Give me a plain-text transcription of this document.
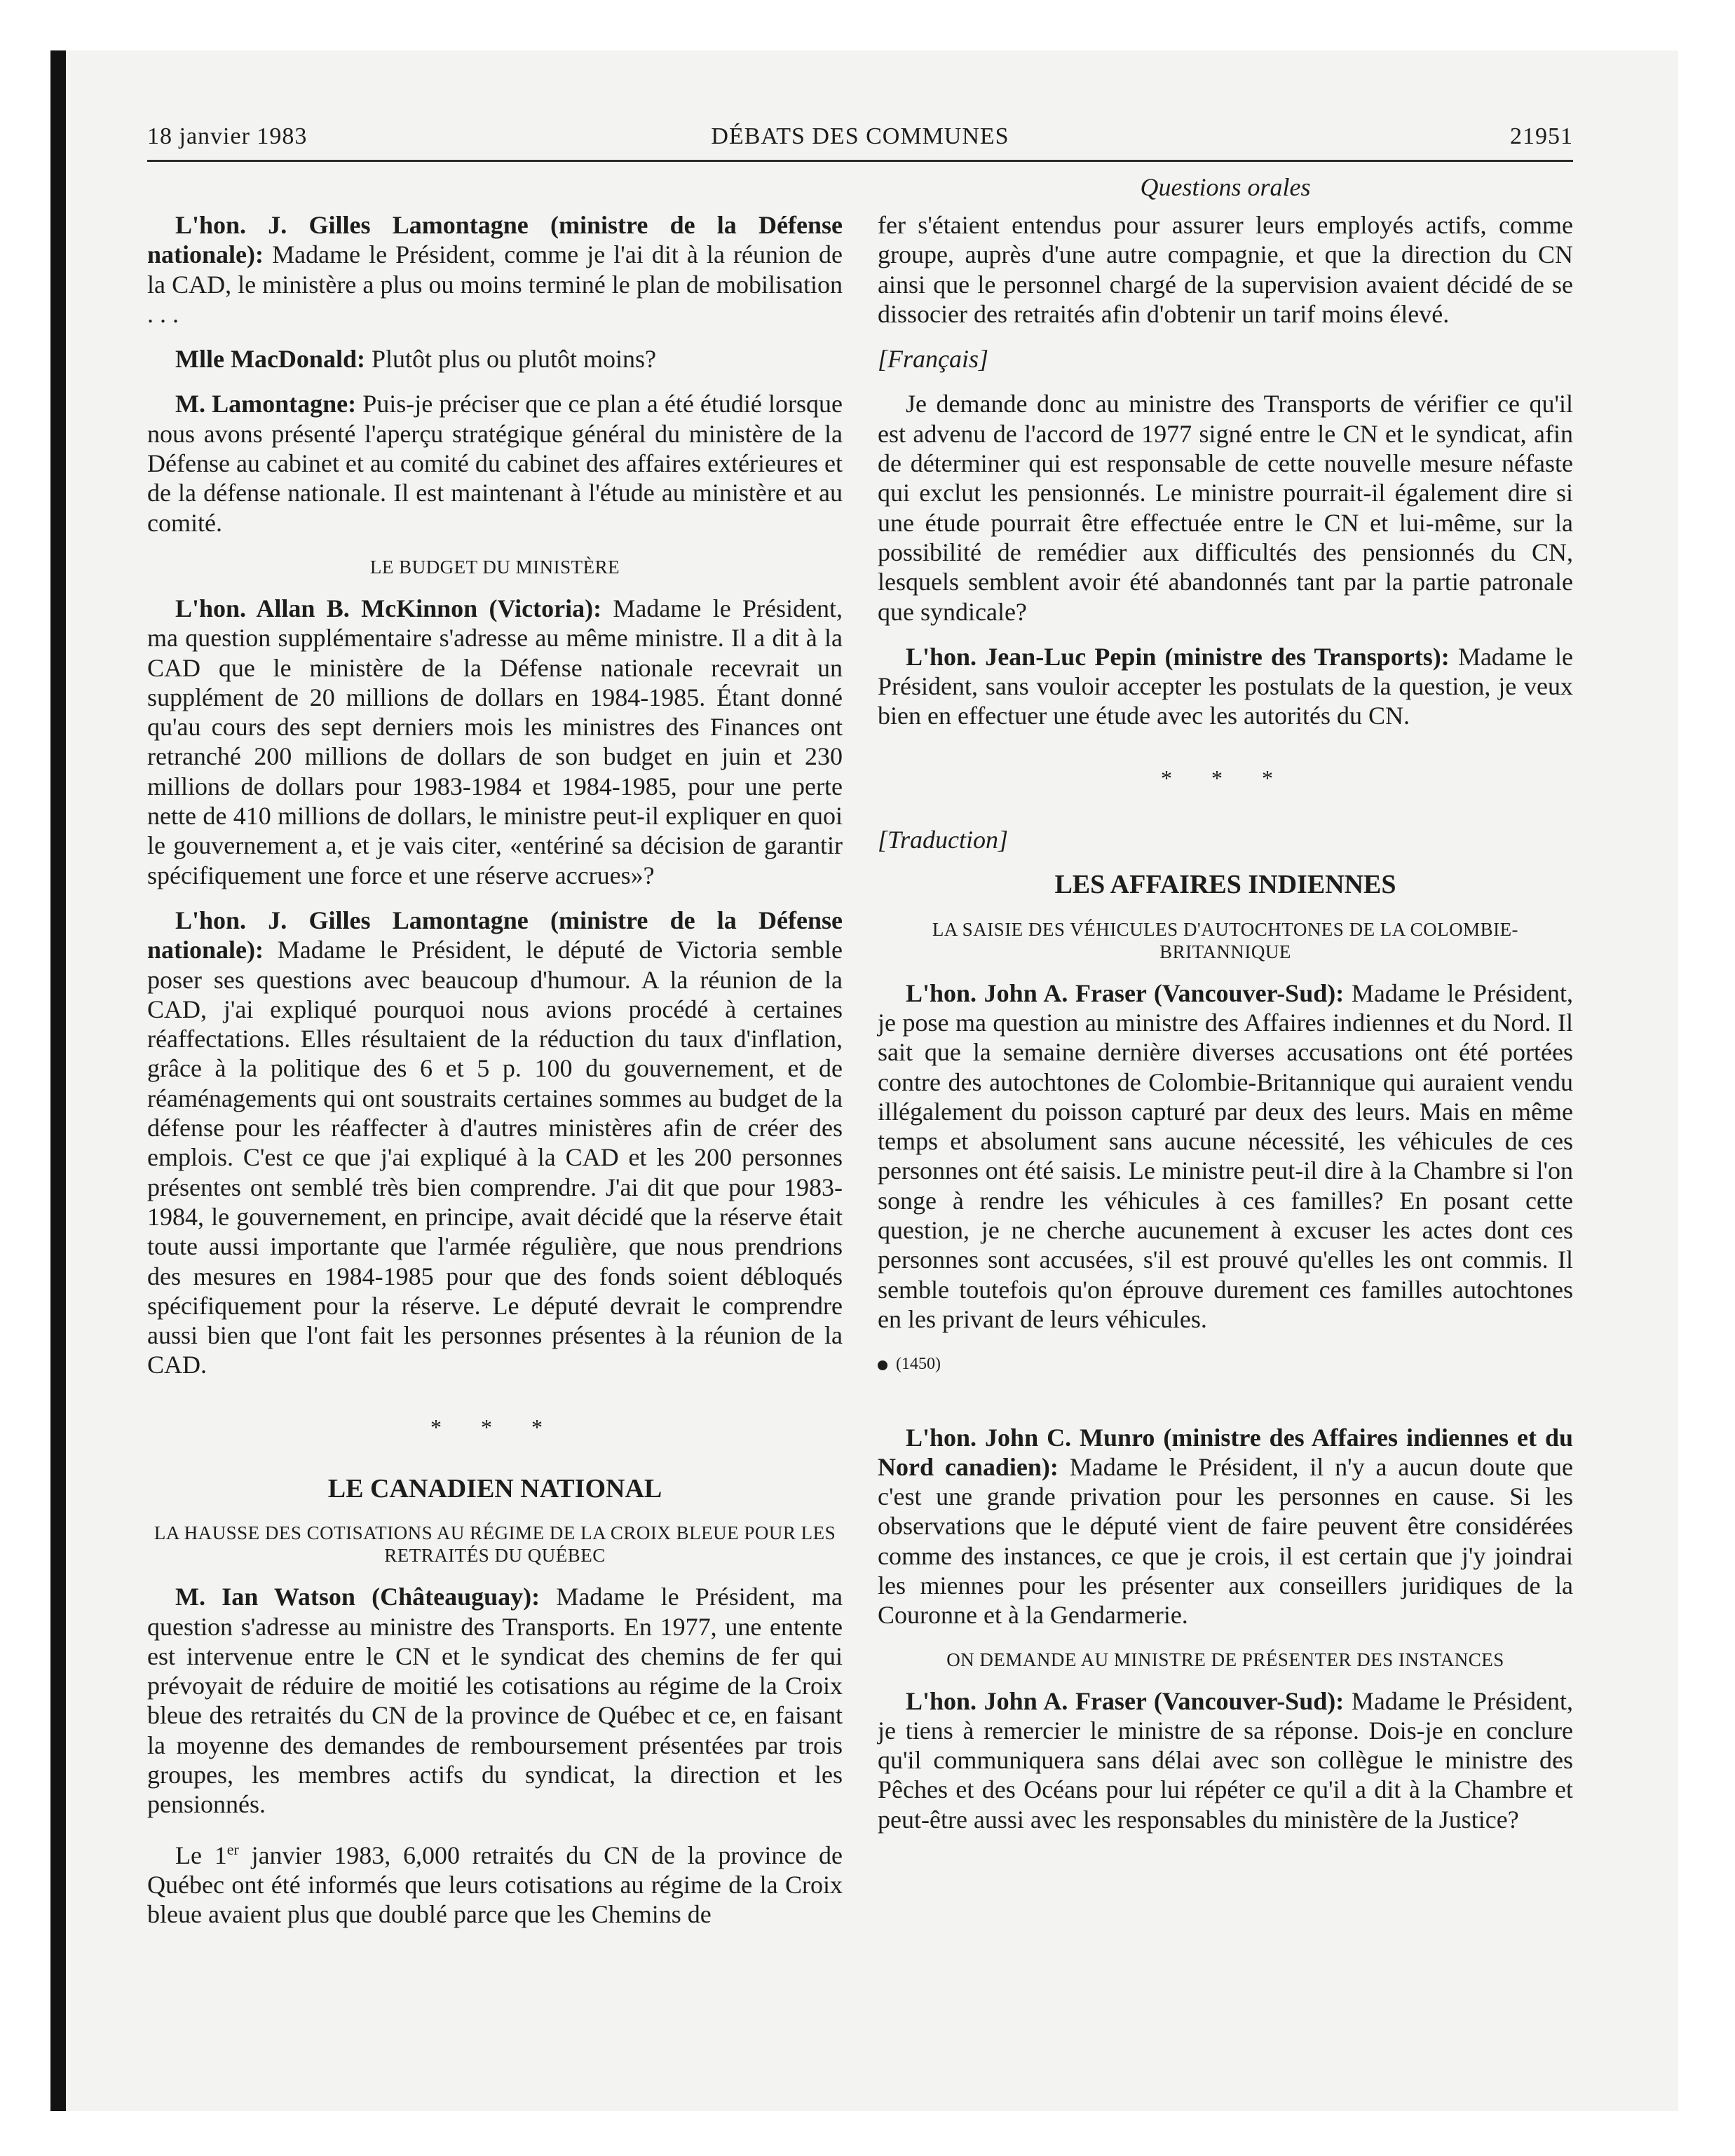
DÉBATS DES COMMUNES
18 janvier 1983	21951
Questions orales

L'hon. J. Gilles Lamontagne (ministre de la Défense nationale): Madame le Président, comme je l'ai dit à la réunion de la CAD, le ministère a plus ou moins terminé le plan de mobilisation . . .

Mlle MacDonald: Plutôt plus ou plutôt moins?

M. Lamontagne: Puis-je préciser que ce plan a été étudié lorsque nous avons présenté l'aperçu stratégique général du ministère de la Défense au cabinet et au comité du cabinet des affaires extérieures et de la défense nationale. Il est maintenant à l'étude au ministère et au comité.

LE BUDGET DU MINISTÈRE

L'hon. Allan B. McKinnon (Victoria): Madame le Président, ma question supplémentaire s'adresse au même ministre. Il a dit à la CAD que le ministère de la Défense nationale recevrait un supplément de 20 millions de dollars en 1984-1985. Étant donné qu'au cours des sept derniers mois les ministres des Finances ont retranché 200 millions de dollars de son budget en juin et 230 millions de dollars pour 1983-1984 et 1984-1985, pour une perte nette de 410 millions de dollars, le ministre peut-il expliquer en quoi le gouvernement a, et je vais citer, «entériné sa décision de garantir spécifiquement une force et une réserve accrues»?

L'hon. J. Gilles Lamontagne (ministre de la Défense nationale): Madame le Président, le député de Victoria semble poser ses questions avec beaucoup d'humour. A la réunion de la CAD, j'ai expliqué pourquoi nous avions procédé à certaines réaffectations. Elles résultaient de la réduction du taux d'inflation, grâce à la politique des 6 et 5 p. 100 du gouvernement, et de réaménagements qui ont soustraits certaines sommes au budget de la défense pour les réaffecter à d'autres ministères afin de créer des emplois. C'est ce que j'ai expliqué à la CAD et les 200 personnes présentes ont semblé très bien comprendre. J'ai dit que pour 1983-1984, le gouvernement, en principe, avait décidé que la réserve était toute aussi importante que l'armée régulière, que nous prendrions des mesures en 1984-1985 pour que des fonds soient débloqués spécifiquement pour la réserve. Le député devrait le comprendre aussi bien que l'ont fait les personnes présentes à la réunion de la CAD.

* * *
LE CANADIEN NATIONAL
LA HAUSSE DES COTISATIONS AU RÉGIME DE LA CROIX BLEUE POUR LES RETRAITÉS DU QUÉBEC

M. Ian Watson (Châteauguay): Madame le Président, ma question s'adresse au ministre des Transports. En 1977, une entente est intervenue entre le CN et le syndicat des chemins de fer qui prévoyait de réduire de moitié les cotisations au régime de la Croix bleue des retraités du CN de la province de Québec et ce, en faisant la moyenne des demandes de remboursement présentées par trois groupes, les membres actifs du syndicat, la direction et les pensionnés.

Le 1er janvier 1983, 6,000 retraités du CN de la province de Québec ont été informés que leurs cotisations au régime de la Croix bleue avaient plus que doublé parce que les Chemins de

fer s'étaient entendus pour assurer leurs employés actifs, comme groupe, auprès d'une autre compagnie, et que la direction du CN ainsi que le personnel chargé de la supervision avaient décidé de se dissocier des retraités afin d'obtenir un tarif moins élevé.

[Français]

Je demande donc au ministre des Transports de vérifier ce qu'il est advenu de l'accord de 1977 signé entre le CN et le syndicat, afin de déterminer qui est responsable de cette nouvelle mesure néfaste qui exclut les pensionnés. Le ministre pourrait-il également dire si une étude pourrait être effectuée entre le CN et lui-même, sur la possibilité de remédier aux difficultés des pensionnés du CN, lesquels semblent avoir été abandonnés tant par la partie patronale que syndicale?

L'hon. Jean-Luc Pepin (ministre des Transports): Madame le Président, sans vouloir accepter les postulats de la question, je veux bien en effectuer une étude avec les autorités du CN.

* * *
[Traduction]
LES AFFAIRES INDIENNES
LA SAISIE DES VÉHICULES D'AUTOCHTONES DE LA COLOMBIE-BRITANNIQUE

L'hon. John A. Fraser (Vancouver-Sud): Madame le Président, je pose ma question au ministre des Affaires indiennes et du Nord. Il sait que la semaine dernière diverses accusations ont été portées contre des autochtones de Colombie-Britannique qui auraient vendu illégalement du poisson capturé par deux des leurs. Mais en même temps et absolument sans aucune nécessité, les véhicules de ces personnes ont été saisis. Le ministre peut-il dire à la Chambre si l'on songe à rendre les véhicules à ces familles? En posant cette question, je ne cherche aucunement à excuser les actes dont ces personnes sont accusées, s'il est prouvé qu'elles les ont commis. Il semble toutefois qu'on éprouve durement ces familles autochtones en les privant de leurs véhicules.

(1450)

L'hon. John C. Munro (ministre des Affaires indiennes et du Nord canadien): Madame le Président, il n'y a aucun doute que c'est une grande privation pour les personnes en cause. Si les observations que le député vient de faire peuvent être considérées comme des instances, ce que je crois, il est certain que j'y joindrai les miennes pour les présenter aux conseillers juridiques de la Couronne et à la Gendarmerie.

ON DEMANDE AU MINISTRE DE PRÉSENTER DES INSTANCES

L'hon. John A. Fraser (Vancouver-Sud): Madame le Président, je tiens à remercier le ministre de sa réponse. Dois-je en conclure qu'il communiquera sans délai avec son collègue le ministre des Pêches et des Océans pour lui répéter ce qu'il a dit à la Chambre et peut-être aussi avec les responsables du ministère de la Justice?
